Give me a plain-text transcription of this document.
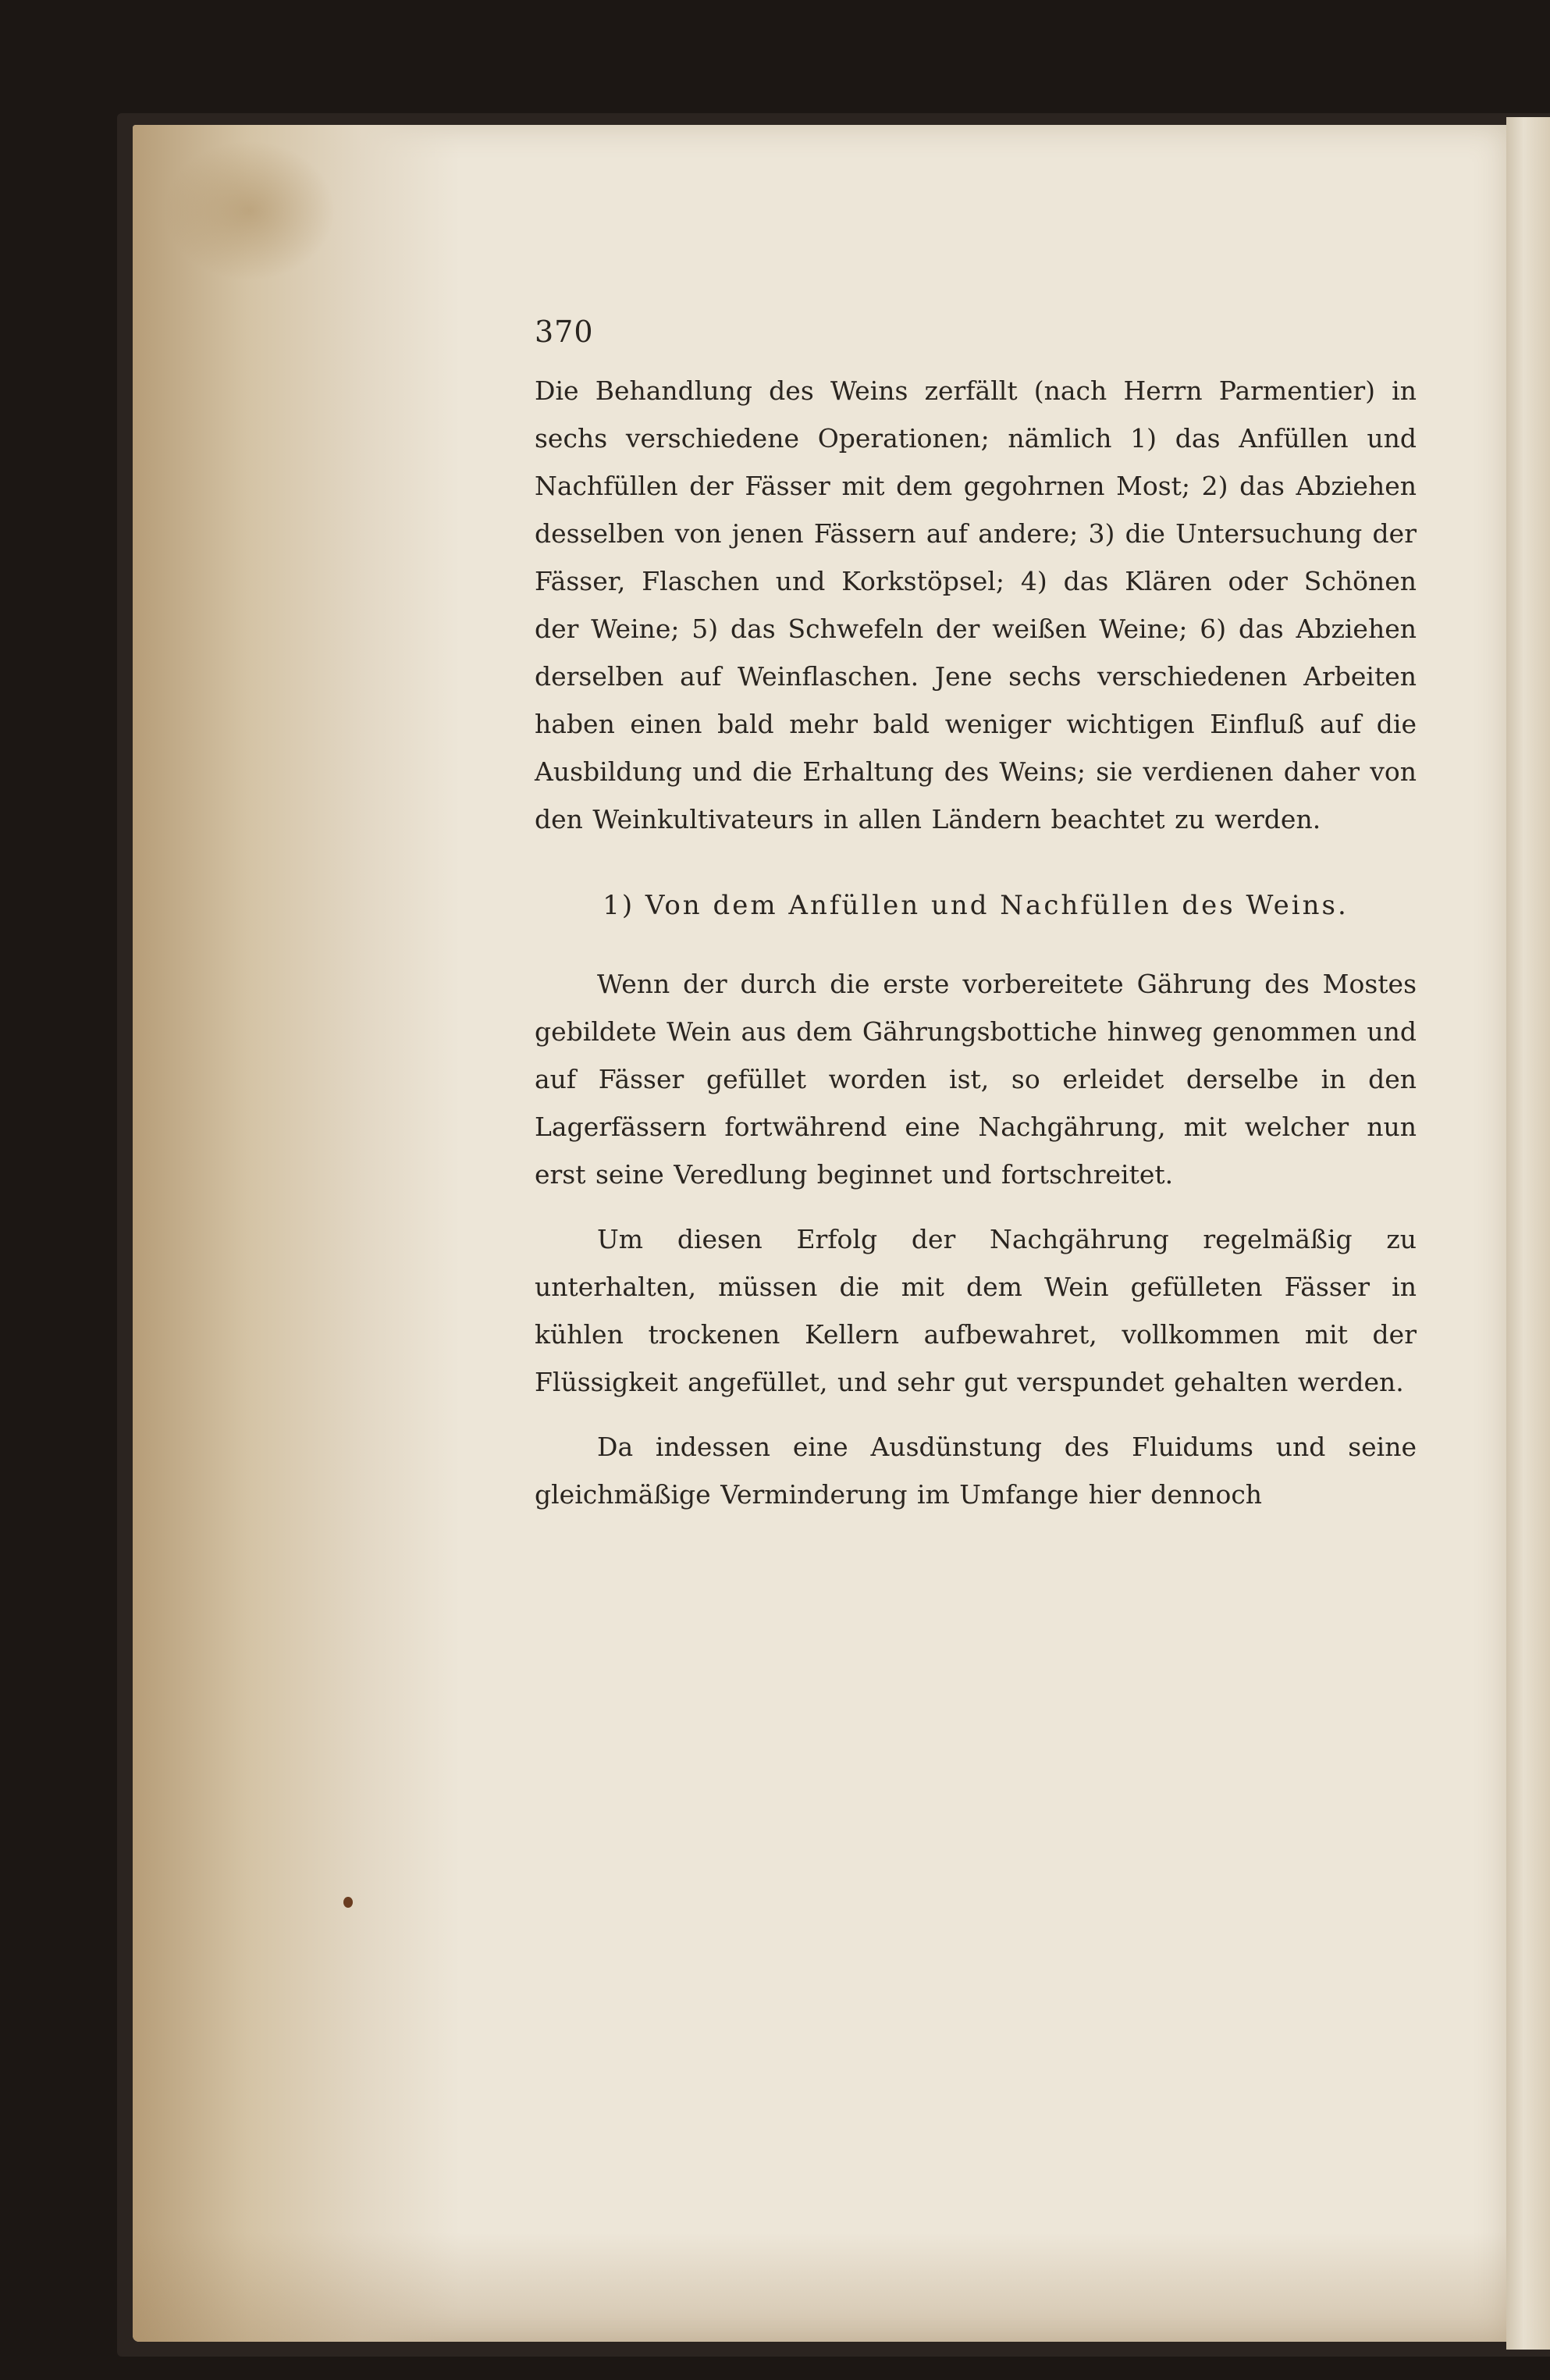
370

Die Behandlung des Weins zerfällt (nach Herrn Parmentier) in sechs verschiedene Operationen; nämlich 1) das Anfüllen und Nachfüllen der Fässer mit dem gegohrnen Most; 2) das Abziehen desselben von jenen Fässern auf andere; 3) die Untersuchung der Fässer, Flaschen und Korkstöpsel; 4) das Klären oder Schönen der Weine; 5) das Schwefeln der weißen Weine; 6) das Abziehen derselben auf Weinflaschen. Jene sechs verschiedenen Arbeiten haben einen bald mehr bald weniger wichtigen Einfluß auf die Ausbildung und die Erhaltung des Weins; sie verdienen daher von den Weinkultivateurs in allen Ländern beachtet zu werden.

1) Von dem Anfüllen und Nachfüllen des Weins.

Wenn der durch die erste vorbereitete Gährung des Mostes gebildete Wein aus dem Gährungsbottiche hinweg genommen und auf Fässer gefüllet worden ist, so erleidet derselbe in den Lagerfässern fortwährend eine Nachgährung, mit welcher nun erst seine Veredlung beginnet und fortschreitet.

Um diesen Erfolg der Nachgährung regelmäßig zu unterhalten, müssen die mit dem Wein gefülleten Fässer in kühlen trockenen Kellern aufbewahret, vollkommen mit der Flüssigkeit angefüllet, und sehr gut verspundet gehalten werden.

Da indessen eine Ausdünstung des Fluidums und seine gleichmäßige Verminderung im Umfange hier dennoch
